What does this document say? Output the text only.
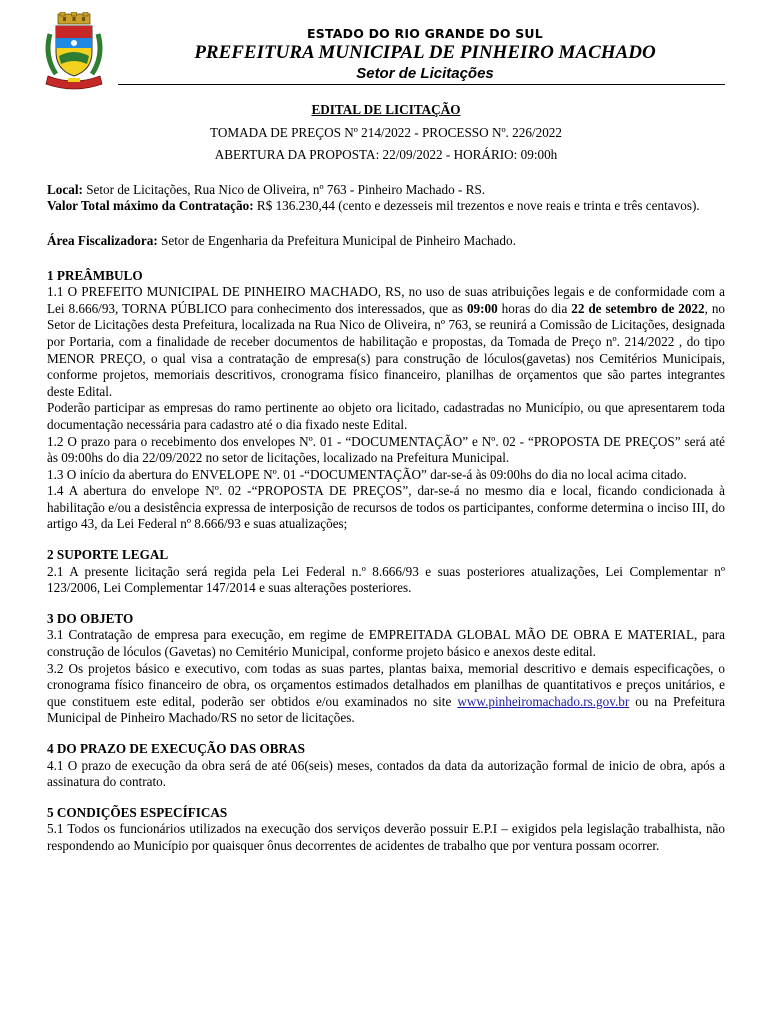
ESTADO DO RIO GRANDE DO SUL
PREFEITURA MUNICIPAL DE PINHEIRO MACHADO
Setor de Licitações

EDITAL DE LICITAÇÃO

TOMADA DE PREÇOS Nº 214/2022 - PROCESSO Nº. 226/2022

ABERTURA DA PROPOSTA: 22/09/2022 - HORÁRIO: 09:00h

Local: Setor de Licitações, Rua Nico de Oliveira, nº 763 - Pinheiro Machado - RS.

Valor Total máximo da Contratação: R$ 136.230,44 (cento e dezesseis mil trezentos e nove reais e trinta e três centavos).

Área Fiscalizadora: Setor de Engenharia da Prefeitura Municipal de Pinheiro Machado.

1 PREÂMBULO

1.1 O PREFEITO MUNICIPAL DE PINHEIRO MACHADO, RS, no uso de suas atribuições legais e de conformidade com a Lei 8.666/93, TORNA PÚBLICO para conhecimento dos interessados, que as 09:00 horas do dia 22 de setembro de 2022, no Setor de Licitações desta Prefeitura, localizada na Rua Nico de Oliveira, nº 763, se reunirá a Comissão de Licitações, designada por Portaria, com a finalidade de receber documentos de habilitação e propostas, da Tomada de Preço nº. 214/2022 , do tipo MENOR PREÇO, o qual visa a contratação de empresa(s) para construção de lóculos(gavetas) nos Cemitérios Municipais, conforme projetos, memoriais descritivos, cronograma físico financeiro, planilhas de orçamentos que são partes integrantes deste Edital.

Poderão participar as empresas do ramo pertinente ao objeto ora licitado, cadastradas no Município, ou que apresentarem toda documentação necessária para cadastro até o dia fixado neste Edital.

1.2 O prazo para o recebimento dos envelopes Nº. 01 - “DOCUMENTAÇÃO” e Nº. 02 - “PROPOSTA DE PREÇOS” será até às 09:00hs do dia 22/09/2022 no setor de licitações, localizado na Prefeitura Municipal.

1.3 O início da abertura do ENVELOPE Nº. 01 -“DOCUMENTAÇÃO” dar-se-á às 09:00hs do dia no local acima citado.

1.4 A abertura do envelope Nº. 02 -“PROPOSTA DE PREÇOS”, dar-se-á no mesmo dia e local, ficando condicionada à habilitação e/ou a desistência expressa de interposição de recursos de todos os participantes, conforme determina o inciso III, do artigo 43, da Lei Federal nº 8.666/93 e suas atualizações;

2 SUPORTE LEGAL

2.1 A presente licitação será regida pela Lei Federal n.º 8.666/93 e suas posteriores atualizações, Lei Complementar nº 123/2006, Lei Complementar 147/2014 e suas alterações posteriores.

3 DO OBJETO

3.1 Contratação de empresa para execução, em regime de EMPREITADA GLOBAL MÃO DE OBRA E MATERIAL, para construção de lóculos (Gavetas) no Cemitério Municipal, conforme projeto básico e anexos deste edital.

3.2 Os projetos básico e executivo, com todas as suas partes, plantas baixa, memorial descritivo e demais especificações, o cronograma físico financeiro de obra, os orçamentos estimados detalhados em planilhas de quantitativos e preços unitários, e que constituem este edital, poderão ser obtidos e/ou examinados no site www.pinheiromachado.rs.gov.br ou na Prefeitura Municipal de Pinheiro Machado/RS no setor de licitações.

4 DO PRAZO DE EXECUÇÃO DAS OBRAS

4.1 O prazo de execução da obra será de até 06(seis) meses, contados da data da autorização formal de inicio de obra, após a assinatura do contrato.

5 CONDIÇÕES ESPECÍFICAS

5.1 Todos os funcionários utilizados na execução dos serviços deverão possuir E.P.I – exigidos pela legislação trabalhista, não respondendo ao Município por quaisquer ônus decorrentes de acidentes de trabalho que por ventura possam ocorrer.
